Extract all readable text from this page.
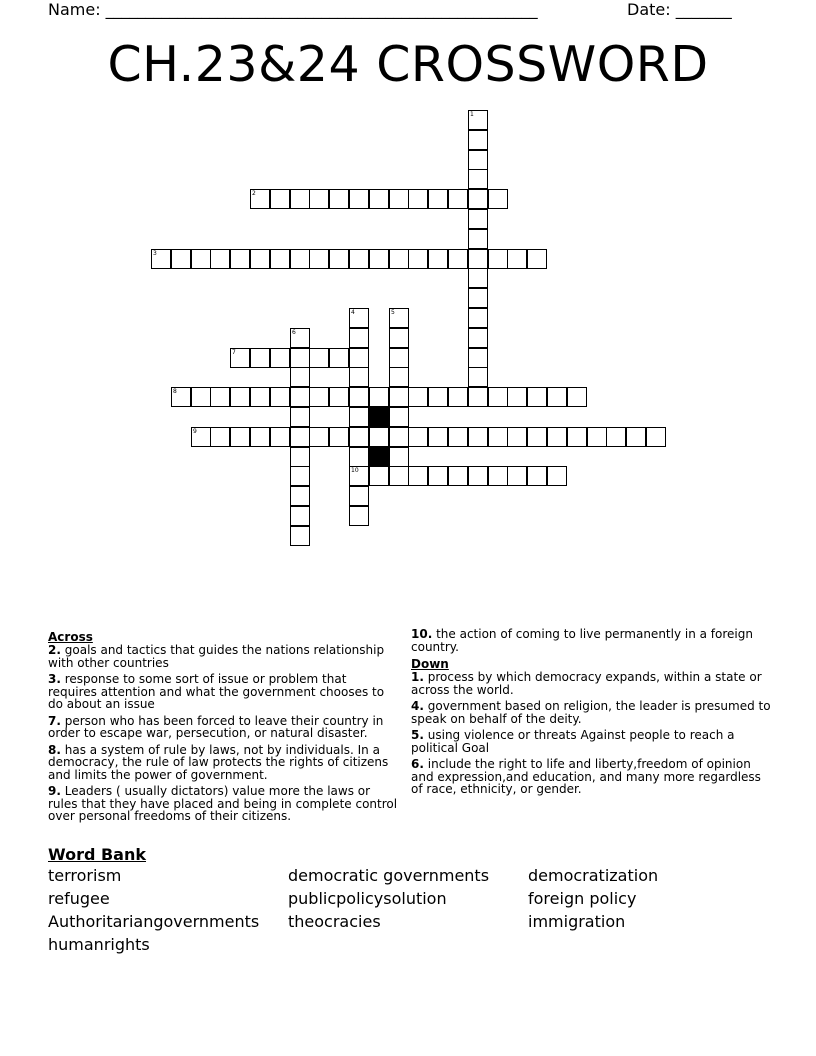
Name: ______________________________________________________	Date: _______
CH.23&24 CROSSWORD
1
2
3
4
10
5
6
7
8
9
Across
2. goals and tactics that guides the nations relationship with other countries
3. response to some sort of issue or problem that requires attention and what the government chooses to do about an issue
7. person who has been forced to leave their country in order to escape war, persecution, or natural disaster.
8. has a system of rule by laws, not by individuals. In a democracy, the rule of law protects the rights of citizens and limits the power of government.
9. Leaders ( usually dictators) value more the laws or rules that they have placed and being in complete control over personal freedoms of their citizens.
10. the action of coming to live permanently in a foreign country.
Down
1. process by which democracy expands, within a state or across the world.
4. government based on religion, the leader is presumed to speak on behalf of the deity.
5. using violence or threats Against people to reach a political Goal
6. include the right to life and liberty,freedom of opinion and expression,and education, and many more regardless of race, ethnicity, or gender.
Word Bank
terrorism	democratic governments	democratization
refugee	publicpolicysolution	foreign policy
Authoritariangovernments	theocracies	immigration
humanrights
